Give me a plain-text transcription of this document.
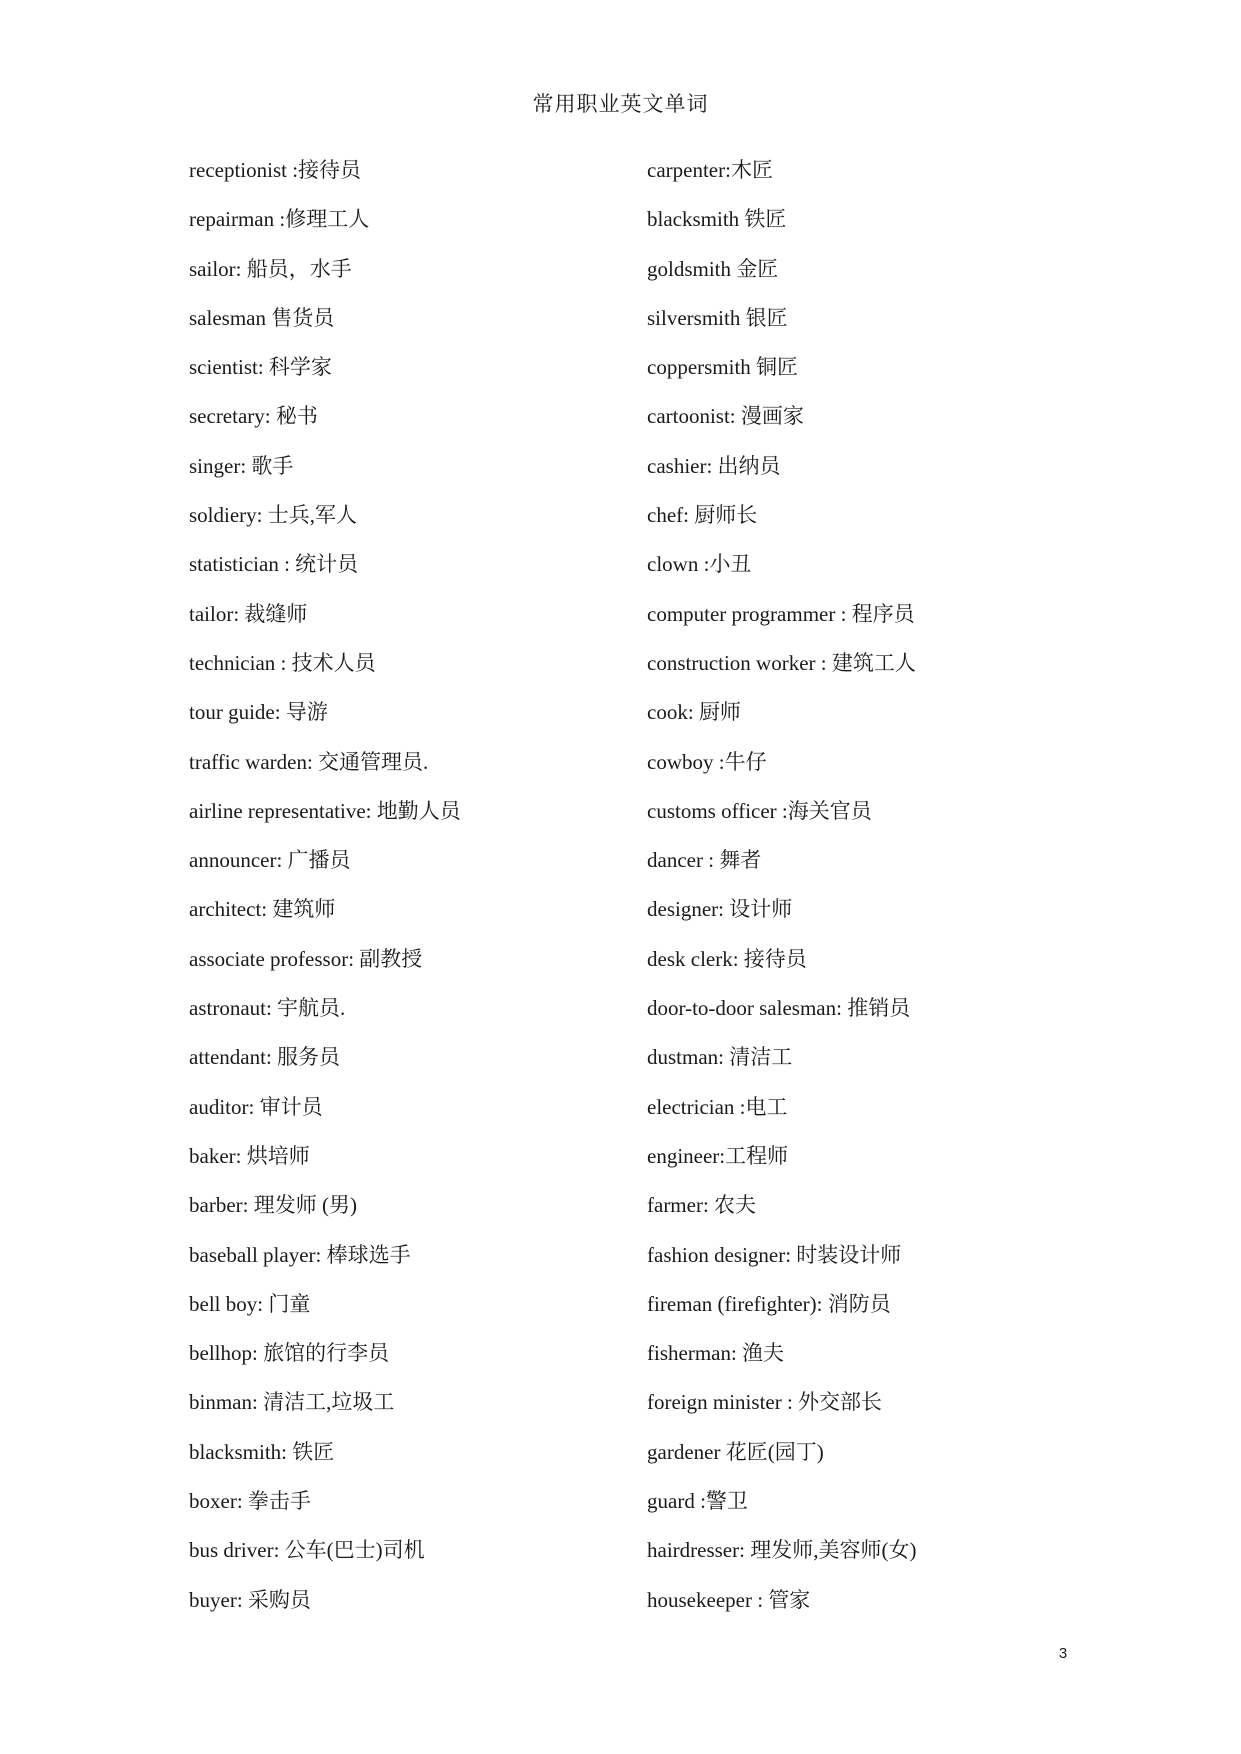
常用职业英文单词
receptionist :接待员
repairman :修理工人
sailor: 船员，水手
salesman 售货员
scientist: 科学家
secretary: 秘书
singer: 歌手
soldiery: 士兵,军人
statistician : 统计员
tailor: 裁缝师
technician : 技术人员
tour guide: 导游
traffic warden: 交通管理员.
airline representative: 地勤人员
announcer: 广播员
architect: 建筑师
associate professor: 副教授
astronaut: 宇航员.
attendant: 服务员
auditor: 审计员
baker: 烘培师
barber: 理发师 (男)
baseball player: 棒球选手
bell boy: 门童
bellhop: 旅馆的行李员
binman: 清洁工,垃圾工
blacksmith: 铁匠
boxer: 拳击手
bus driver: 公车(巴士)司机
buyer: 采购员
carpenter:木匠
blacksmith 铁匠
goldsmith 金匠
silversmith 银匠
coppersmith 铜匠
cartoonist: 漫画家
cashier: 出纳员
chef: 厨师长
clown :小丑
computer programmer : 程序员
construction worker : 建筑工人
cook: 厨师
cowboy :牛仔
customs officer :海关官员
dancer : 舞者
designer: 设计师
desk clerk: 接待员
door-to-door salesman: 推销员
dustman: 清洁工
electrician :电工
engineer:工程师
farmer: 农夫
fashion designer: 时装设计师
fireman (firefighter): 消防员
fisherman: 渔夫
foreign minister : 外交部长
gardener 花匠(园丁)
guard :警卫
hairdresser: 理发师,美容师(女)
housekeeper : 管家
3
